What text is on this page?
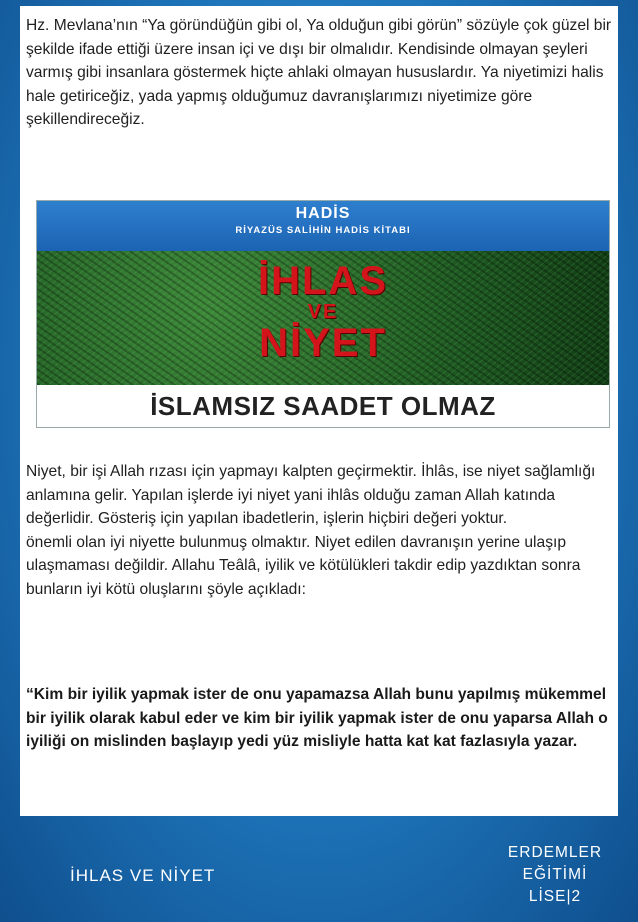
Hz. Mevlana’nın “Ya göründüğün gibi ol, Ya olduğun gibi görün” sözüyle çok güzel bir şekilde ifade ettiği üzere insan içi ve dışı bir olmalıdır. Kendisinde olmayan şeyleri varmış gibi insanlara göstermek hiçte ahlaki olmayan hususlardır. Ya niyetimizi halis hale getiriceğiz, yada yapmış olduğumuz davranışlarımızı niyetimize göre şekillendireceğiz.

HADİS
RİYAZÜS SALİHİN HADİS KİTABI
İHLAS
VE
NİYET
İSLAMSIZ SAADET OLMAZ
Niyet, bir işi Allah rızası için yapmayı kalpten geçirmektir. İhlâs, ise niyet sağlamlığı anlamına gelir. Yapılan işlerde iyi niyet yani ihlâs olduğu zaman Allah katında değerlidir. Gösteriş için yapılan ibadetlerin, işlerin hiçbiri değeri yoktur.
önemli olan iyi niyette bulunmuş olmaktır. Niyet edilen davranışın yerine ulaşıp ulaşmaması değildir. Allahu Teâlâ, iyilik ve kötülükleri takdir edip yazdıktan sonra bunların iyi kötü oluşlarını şöyle açıkladı:

“Kim bir iyilik yapmak ister de onu yapamazsa Allah bunu yapılmış mükemmel bir iyilik olarak kabul eder ve kim bir iyilik yapmak ister de onu yaparsa Allah o iyiliği on mislinden başlayıp yedi yüz misliyle hatta kat kat fazlasıyla yazar.

İHLAS VE NİYET
ERDEMLER
EĞİTİMİ
LİSE|2
